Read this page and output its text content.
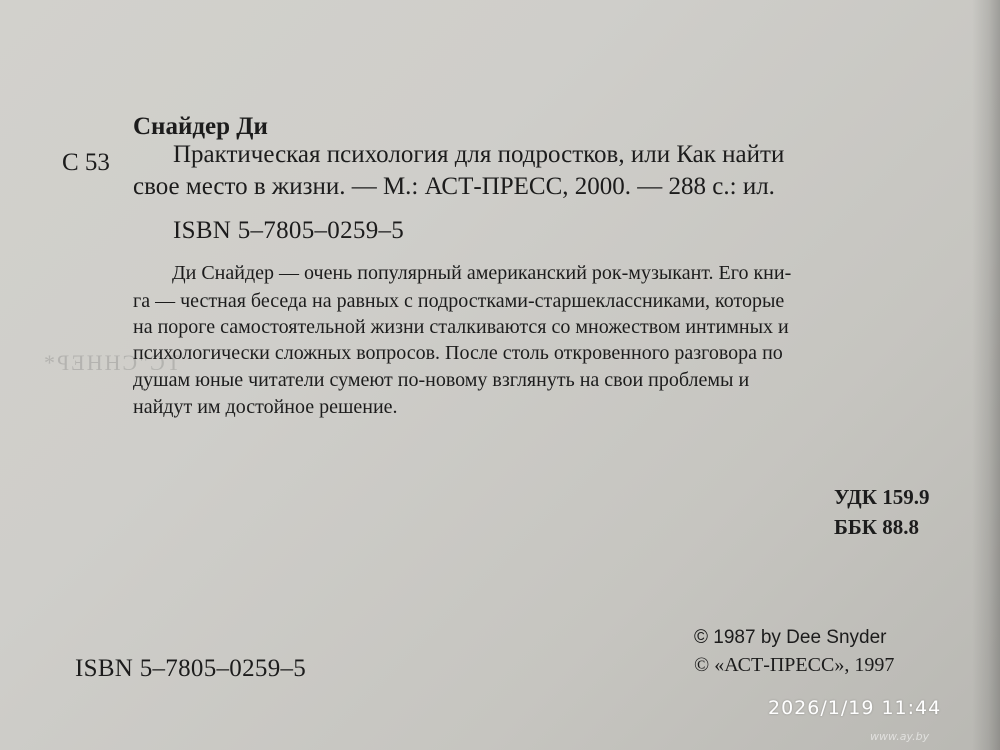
ТС"СННЕР*
Снайдер Ди
С 53	Практическая психология для подростков, или Как найти
свое место в жизни. — М.: АСТ-ПРЕСС, 2000. — 288 с.: ил.
ISBN 5–7805–0259–5
Ди Снайдер — очень популярный американский рок-музыкант. Его кни-
га — честная беседа на равных с подростками-старшеклассниками, которые
на пороге самостоятельной жизни сталкиваются со множеством интимных и
психологически сложных вопросов. После столь откровенного разговора по
душам юные читатели сумеют по-новому взглянуть на свои проблемы и
найдут им достойное решение.
УДК 159.9
ББК 88.8
ISBN 5–7805–0259–5
© 1987 by Dee Snyder
© «АСТ-ПРЕСС», 1997
2026/1/19 11:44
www.ay.by
